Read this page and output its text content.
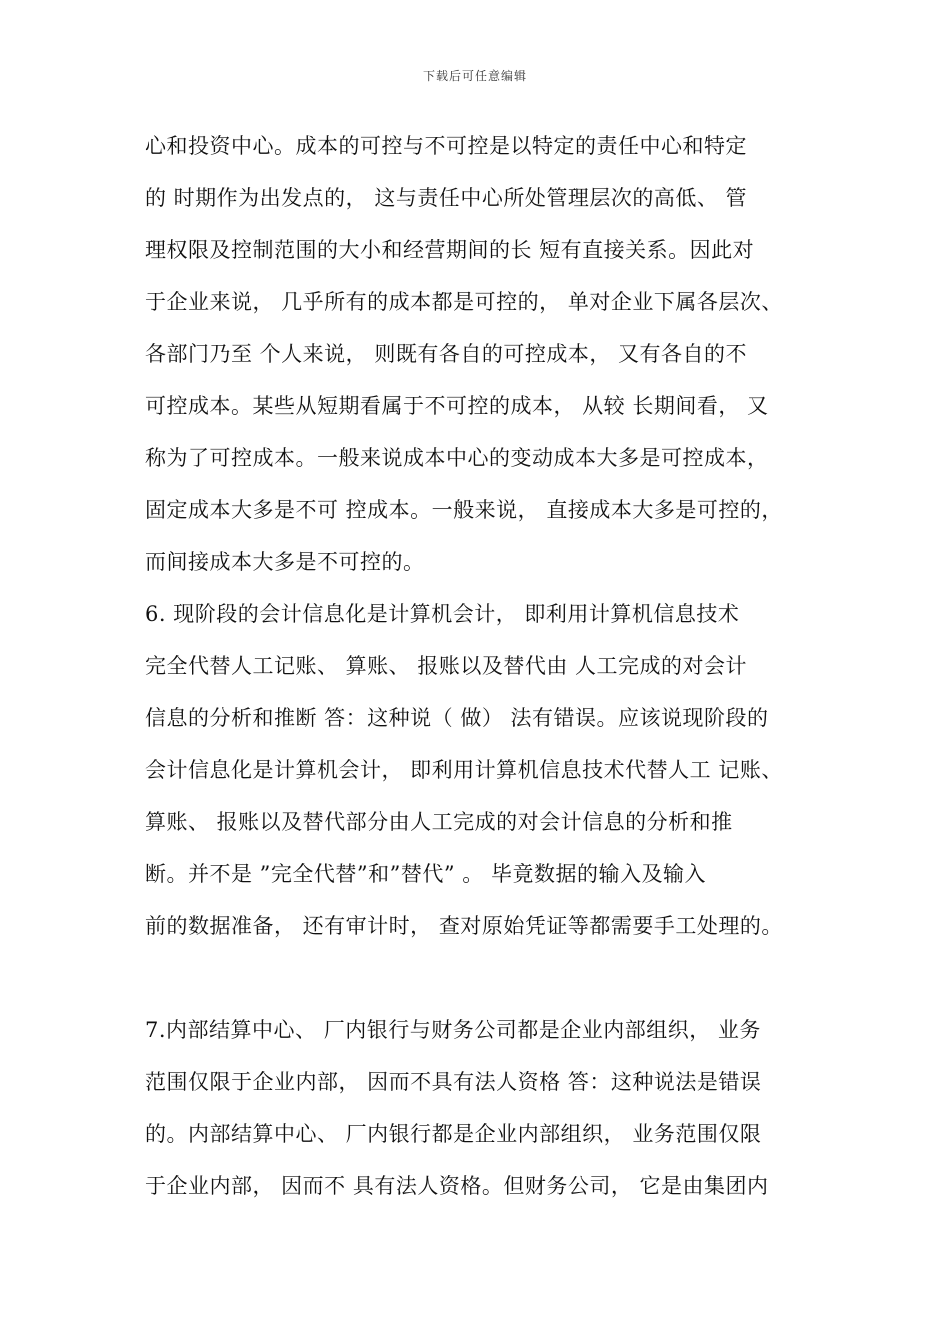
下载后可任意编辑
心和投资中心。成本的可控与不可控是以特定的责任中心和特定
的 时期作为出发点的， 这与责任中心所处管理层次的高低、 管
理权限及控制范围的大小和经营期间的长 短有直接关系。因此对
于企业来说， 几乎所有的成本都是可控的， 单对企业下属各层次、
各部门乃至 个人来说， 则既有各自的可控成本， 又有各自的不
可控成本。某些从短期看属于不可控的成本， 从较 长期间看， 又
称为了可控成本。一般来说成本中心的变动成本大多是可控成本，
固定成本大多是不可 控成本。一般来说， 直接成本大多是可控的，
而间接成本大多是不可控的。
6. 现阶段的会计信息化是计算机会计， 即利用计算机信息技术
完全代替人工记账、 算账、 报账以及替代由 人工完成的对会计
信息的分析和推断 答：这种说（ 做） 法有错误。应该说现阶段的
会计信息化是计算机会计， 即利用计算机信息技术代替人工 记账、
算账、 报账以及替代部分由人工完成的对会计信息的分析和推
断。并不是 ”完全代替”和”替代” 。 毕竟数据的输入及输入
前的数据准备， 还有审计时， 查对原始凭证等都需要手工处理的。
7.内部结算中心、 厂内银行与财务公司都是企业内部组织， 业务
范围仅限于企业内部， 因而不具有法人资格 答：这种说法是错误
的。内部结算中心、 厂内银行都是企业内部组织， 业务范围仅限
于企业内部， 因而不 具有法人资格。但财务公司， 它是由集团内
